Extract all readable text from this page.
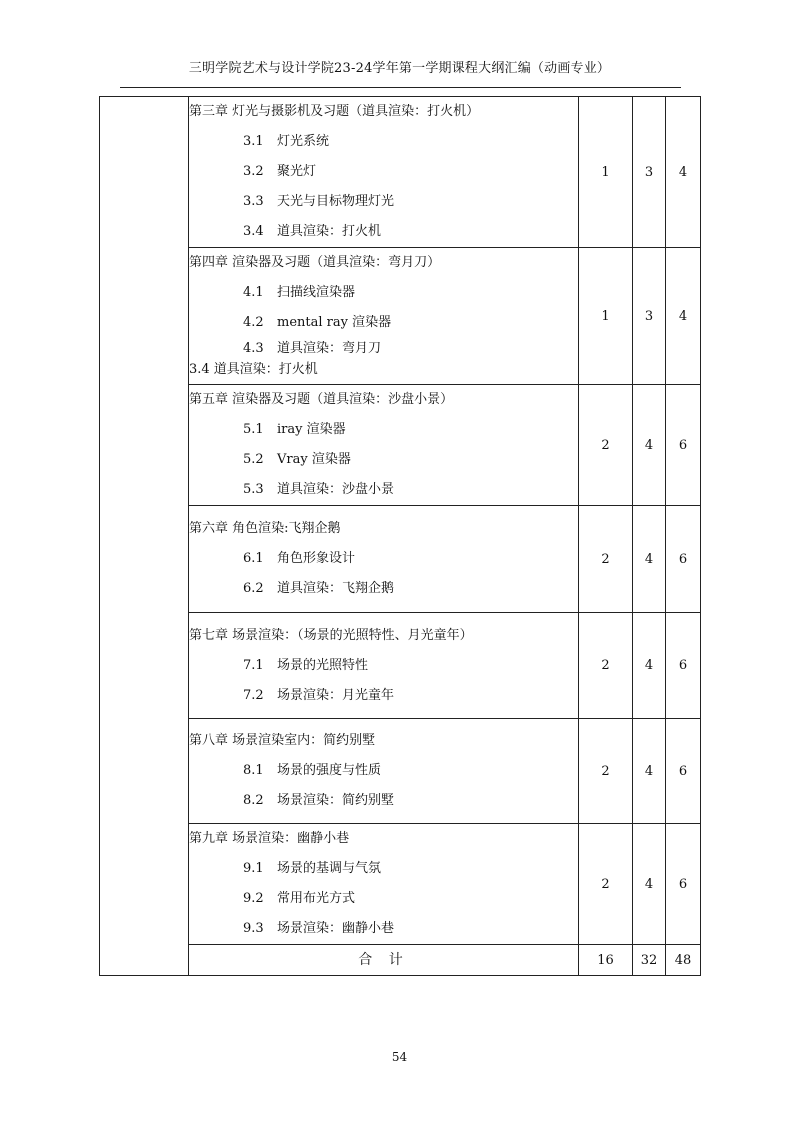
三明学院艺术与设计学院23-24学年第一学期课程大纲汇编（动画专业）

	第三章 灯光与摄影机及习题（道具渲染：打火机）
3.1 灯光系统
3.2 聚光灯
3.3 天光与目标物理灯光
3.4 道具渲染：打火机	1	3	4

	第四章 渲染器及习题（道具渲染：弯月刀）
4.1 扫描线渲染器
4.2 mental ray 渲染器
4.3 道具渲染：弯月刀
3.4 道具渲染：打火机	1	3	4

	第五章 渲染器及习题（道具渲染：沙盘小景）
5.1 iray 渲染器
5.2 Vray 渲染器
5.3 道具渲染：沙盘小景	2	4	6

	第六章 角色渲染:飞翔企鹅
6.1 角色形象设计
6.2 道具渲染：飞翔企鹅	2	4	6

	第七章 场景渲染：（场景的光照特性、月光童年）
7.1 场景的光照特性
7.2 场景渲染：月光童年	2	4	6

	第八章 场景渲染室内：简约别墅
8.1 场景的强度与性质
8.2 场景渲染：简约别墅	2	4	6

	第九章 场景渲染：幽静小巷
9.1 场景的基调与气氛
9.2 常用布光方式
9.3 场景渲染：幽静小巷	2	4	6

	合 计	16	32	48
54
